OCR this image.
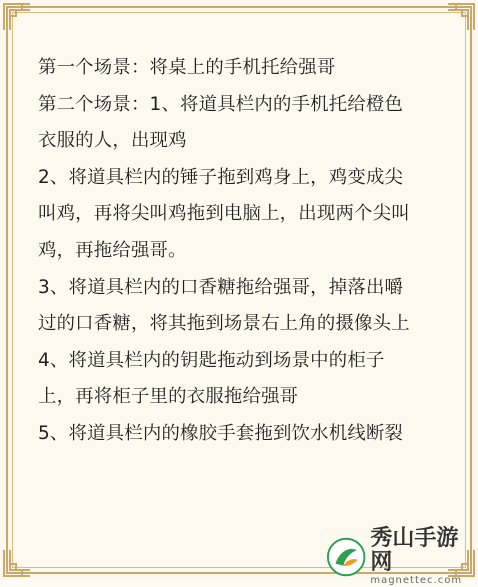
第一个场景：将桌上的手机托给强哥

第二个场景：1、将道具栏内的手机托给橙色

衣服的人，出现鸡

2、将道具栏内的锤子拖到鸡身上，鸡变成尖

叫鸡，再将尖叫鸡拖到电脑上，出现两个尖叫

鸡，再拖给强哥。

3、将道具栏内的口香糖拖给强哥，掉落出嚼

过的口香糖，将其拖到场景右上角的摄像头上

4、将道具栏内的钥匙拖动到场景中的柜子

上，再将柜子里的衣服拖给强哥

5、将道具栏内的橡胶手套拖到饮水机线断裂

秀山手游网
magnettec.com
